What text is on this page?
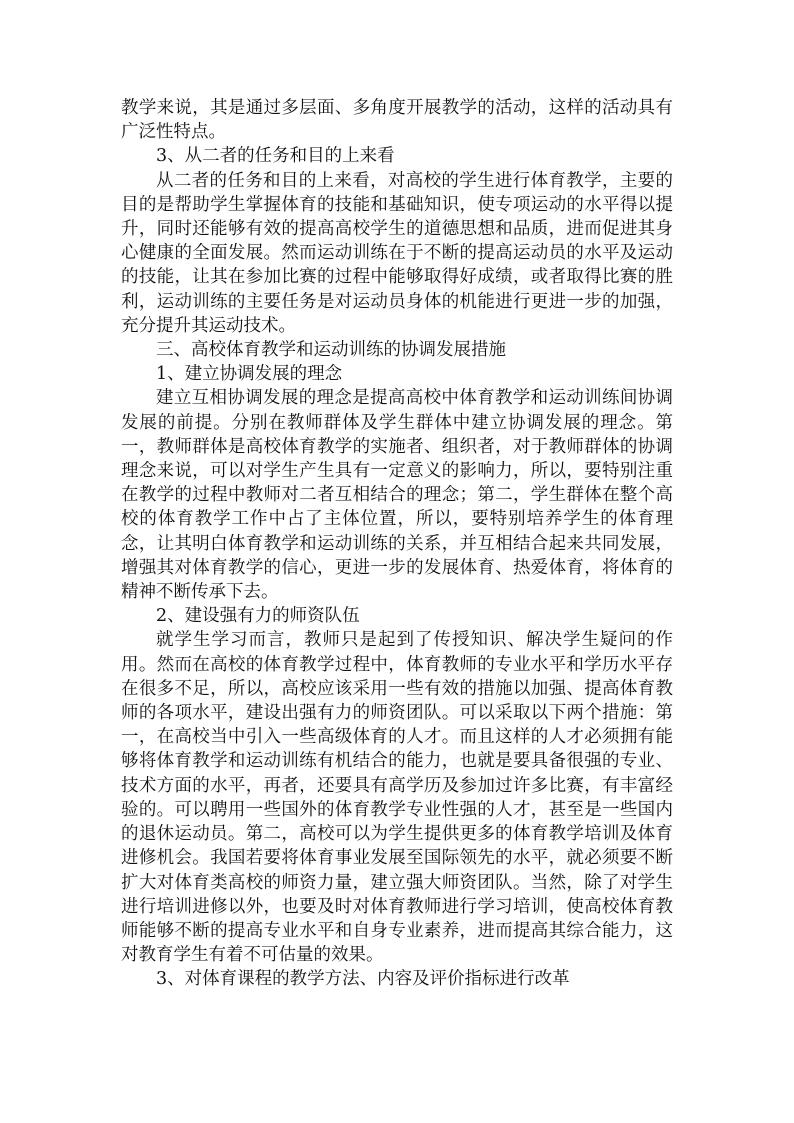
教学来说，其是通过多层面、多角度开展教学的活动，这样的活动具有广泛性特点。

3、从二者的任务和目的上来看

从二者的任务和目的上来看，对高校的学生进行体育教学，主要的目的是帮助学生掌握体育的技能和基础知识，使专项运动的水平得以提升，同时还能够有效的提高高校学生的道德思想和品质，进而促进其身心健康的全面发展。然而运动训练在于不断的提高运动员的水平及运动的技能，让其在参加比赛的过程中能够取得好成绩，或者取得比赛的胜利，运动训练的主要任务是对运动员身体的机能进行更进一步的加强，充分提升其运动技术。

三、高校体育教学和运动训练的协调发展措施

1、建立协调发展的理念

建立互相协调发展的理念是提高高校中体育教学和运动训练间协调发展的前提。分别在教师群体及学生群体中建立协调发展的理念。第一，教师群体是高校体育教学的实施者、组织者，对于教师群体的协调理念来说，可以对学生产生具有一定意义的影响力，所以，要特别注重在教学的过程中教师对二者互相结合的理念；第二，学生群体在整个高校的体育教学工作中占了主体位置，所以，要特别培养学生的体育理念，让其明白体育教学和运动训练的关系，并互相结合起来共同发展，增强其对体育教学的信心，更进一步的发展体育、热爱体育，将体育的精神不断传承下去。

2、建设强有力的师资队伍

就学生学习而言，教师只是起到了传授知识、解决学生疑问的作用。然而在高校的体育教学过程中，体育教师的专业水平和学历水平存在很多不足，所以，高校应该采用一些有效的措施以加强、提高体育教师的各项水平，建设出强有力的师资团队。可以采取以下两个措施：第一，在高校当中引入一些高级体育的人才。而且这样的人才必须拥有能够将体育教学和运动训练有机结合的能力，也就是要具备很强的专业、技术方面的水平，再者，还要具有高学历及参加过许多比赛，有丰富经验的。可以聘用一些国外的体育教学专业性强的人才，甚至是一些国内的退休运动员。第二，高校可以为学生提供更多的体育教学培训及体育进修机会。我国若要将体育事业发展至国际领先的水平，就必须要不断扩大对体育类高校的师资力量，建立强大师资团队。当然，除了对学生进行培训进修以外，也要及时对体育教师进行学习培训，使高校体育教师能够不断的提高专业水平和自身专业素养，进而提高其综合能力，这对教育学生有着不可估量的效果。

3、对体育课程的教学方法、内容及评价指标进行改革
